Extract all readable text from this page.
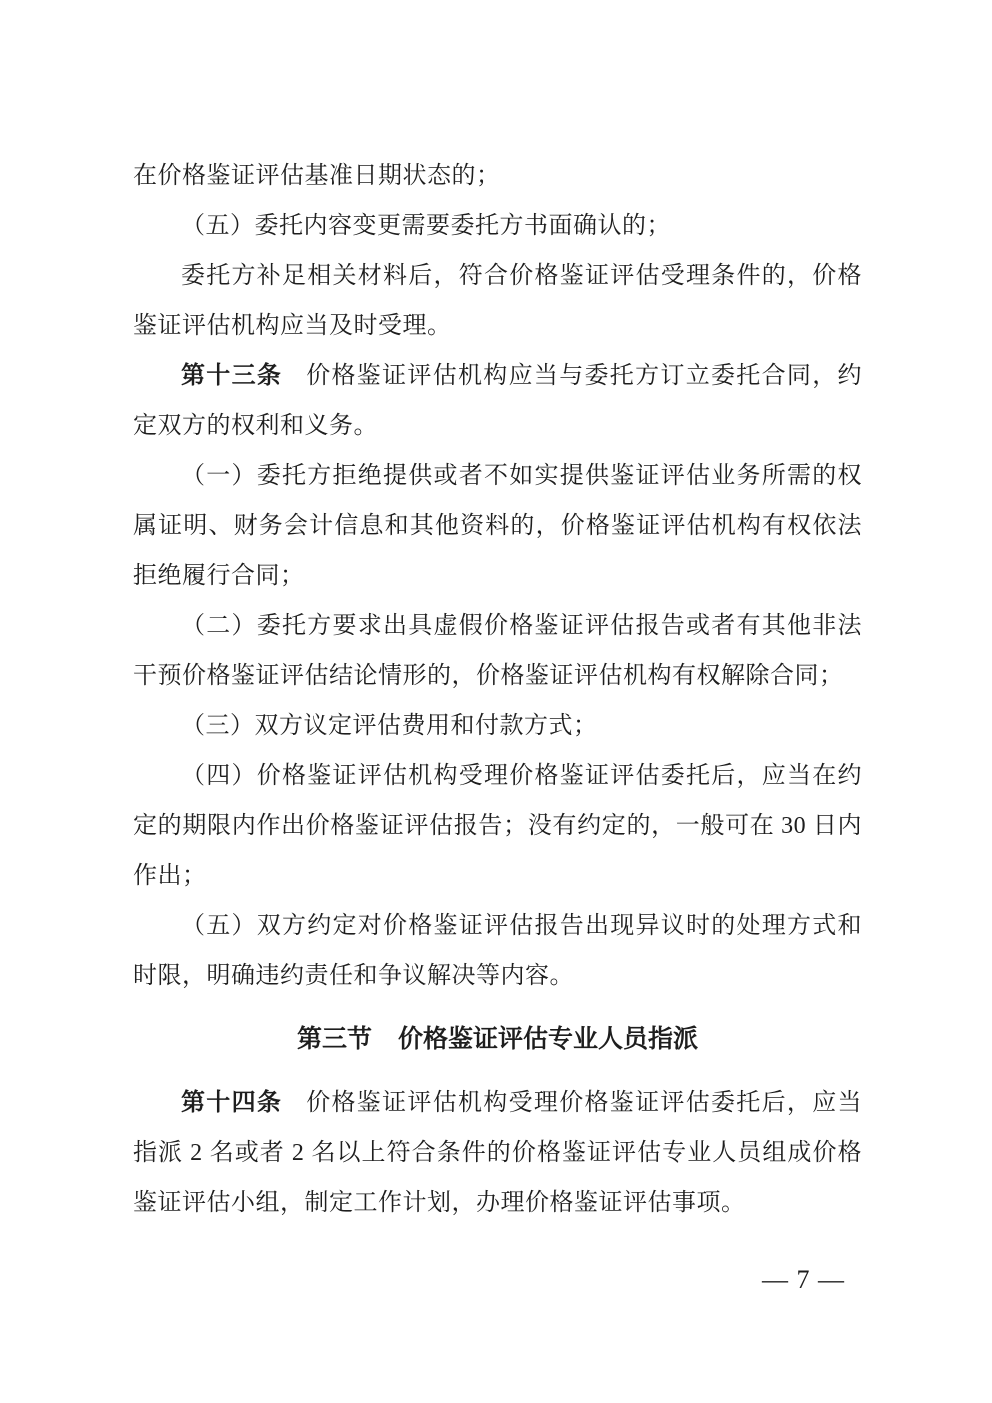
在价格鉴证评估基准日期状态的；

（五）委托内容变更需要委托方书面确认的；

委托方补足相关材料后，符合价格鉴证评估受理条件的，价格
鉴证评估机构应当及时受理。

第十三条 价格鉴证评估机构应当与委托方订立委托合同，约
定双方的权利和义务。

（一）委托方拒绝提供或者不如实提供鉴证评估业务所需的权
属证明、财务会计信息和其他资料的，价格鉴证评估机构有权依法
拒绝履行合同；

（二）委托方要求出具虚假价格鉴证评估报告或者有其他非法
干预价格鉴证评估结论情形的，价格鉴证评估机构有权解除合同；

（三）双方议定评估费用和付款方式；

（四）价格鉴证评估机构受理价格鉴证评估委托后，应当在约
定的期限内作出价格鉴证评估报告；没有约定的，一般可在 30 日内
作出；

（五）双方约定对价格鉴证评估报告出现异议时的处理方式和
时限，明确违约责任和争议解决等内容。

第三节 价格鉴证评估专业人员指派

第十四条 价格鉴证评估机构受理价格鉴证评估委托后，应当
指派 2 名或者 2 名以上符合条件的价格鉴证评估专业人员组成价格
鉴证评估小组，制定工作计划，办理价格鉴证评估事项。

— 7 —
